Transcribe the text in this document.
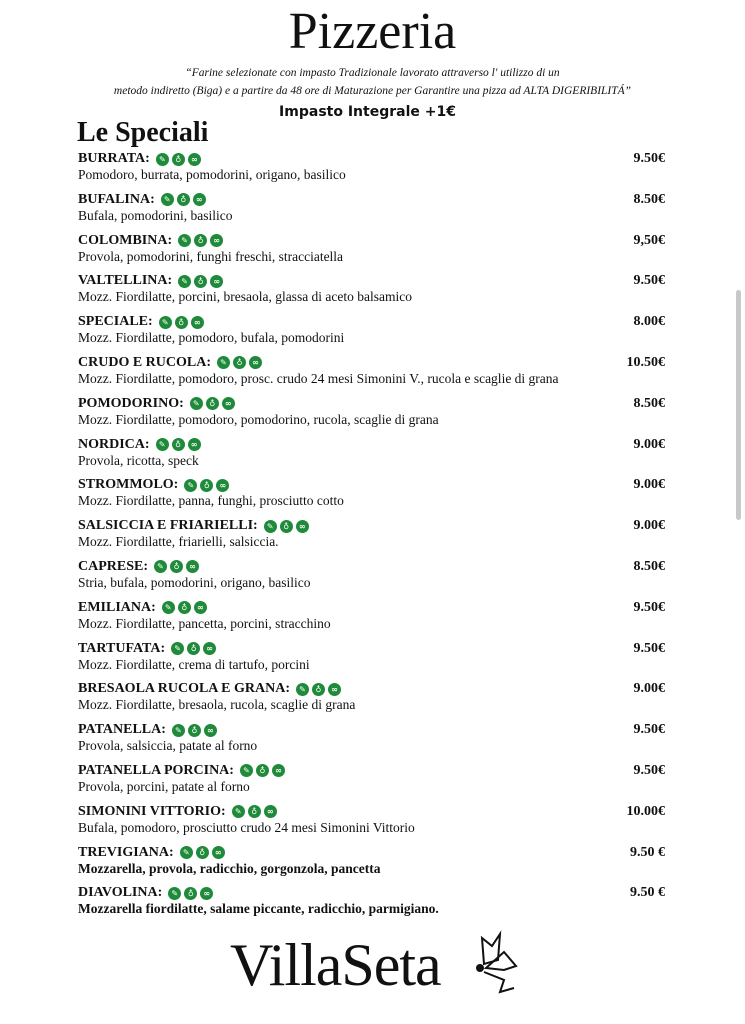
Pizzeria
“Farine selezionate con impasto Tradizionale lavorato attraverso l' utilizzo di un
metodo indiretto (Biga) e a partire da 48 ore di Maturazione per Garantire una pizza ad ALTA DIGERIBILITÁ”
Impasto Integrale +1€
Le Speciali
BURRATA:	✎	♁	∞
Pomodoro, burrata, pomodorini, origano, basilico
9.50€
BUFALINA:	✎	♁	∞
Bufala, pomodorini, basilico
8.50€
COLOMBINA:	✎	♁	∞
Provola, pomodorini, funghi freschi, stracciatella
9,50€
VALTELLINA:	✎	♁	∞
Mozz. Fiordilatte, porcini, bresaola, glassa di aceto balsamico
9.50€
SPECIALE:	✎	♁	∞
Mozz. Fiordilatte, pomodoro, bufala, pomodorini
8.00€
CRUDO E RUCOLA:	✎	♁	∞
Mozz. Fiordilatte, pomodoro, prosc. crudo 24 mesi Simonini V., rucola e scaglie di grana
10.50€
POMODORINO:	✎	♁	∞
Mozz. Fiordilatte, pomodoro, pomodorino, rucola, scaglie di grana
8.50€
NORDICA:	✎	♁	∞
Provola, ricotta, speck
9.00€
STROMMOLO:	✎	♁	∞
Mozz. Fiordilatte, panna, funghi, prosciutto cotto
9.00€
SALSICCIA E FRIARIELLI:	✎	♁	∞
Mozz. Fiordilatte, friarielli, salsiccia.
9.00€
CAPRESE:	✎	♁	∞
Stria, bufala, pomodorini, origano, basilico
8.50€
EMILIANA:	✎	♁	∞
Mozz. Fiordilatte, pancetta, porcini, stracchino
9.50€
TARTUFATA:	✎	♁	∞
Mozz. Fiordilatte, crema di tartufo, porcini
9.50€
BRESAOLA RUCOLA E GRANA:	✎	♁	∞
Mozz. Fiordilatte, bresaola, rucola, scaglie di grana
9.00€
PATANELLA:	✎	♁	∞
Provola, salsiccia, patate al forno
9.50€
PATANELLA PORCINA:	✎	♁	∞
Provola, porcini, patate al forno
9.50€
SIMONINI VITTORIO:	✎	♁	∞
Bufala, pomodoro, prosciutto crudo 24 mesi Simonini Vittorio
10.00€
TREVIGIANA:	✎	♁	∞
Mozzarella, provola, radicchio, gorgonzola, pancetta
9.50 €
DIAVOLINA:	✎	♁	∞
Mozzarella fiordilatte, salame piccante, radicchio, parmigiano.
9.50 €
VillaSeta
